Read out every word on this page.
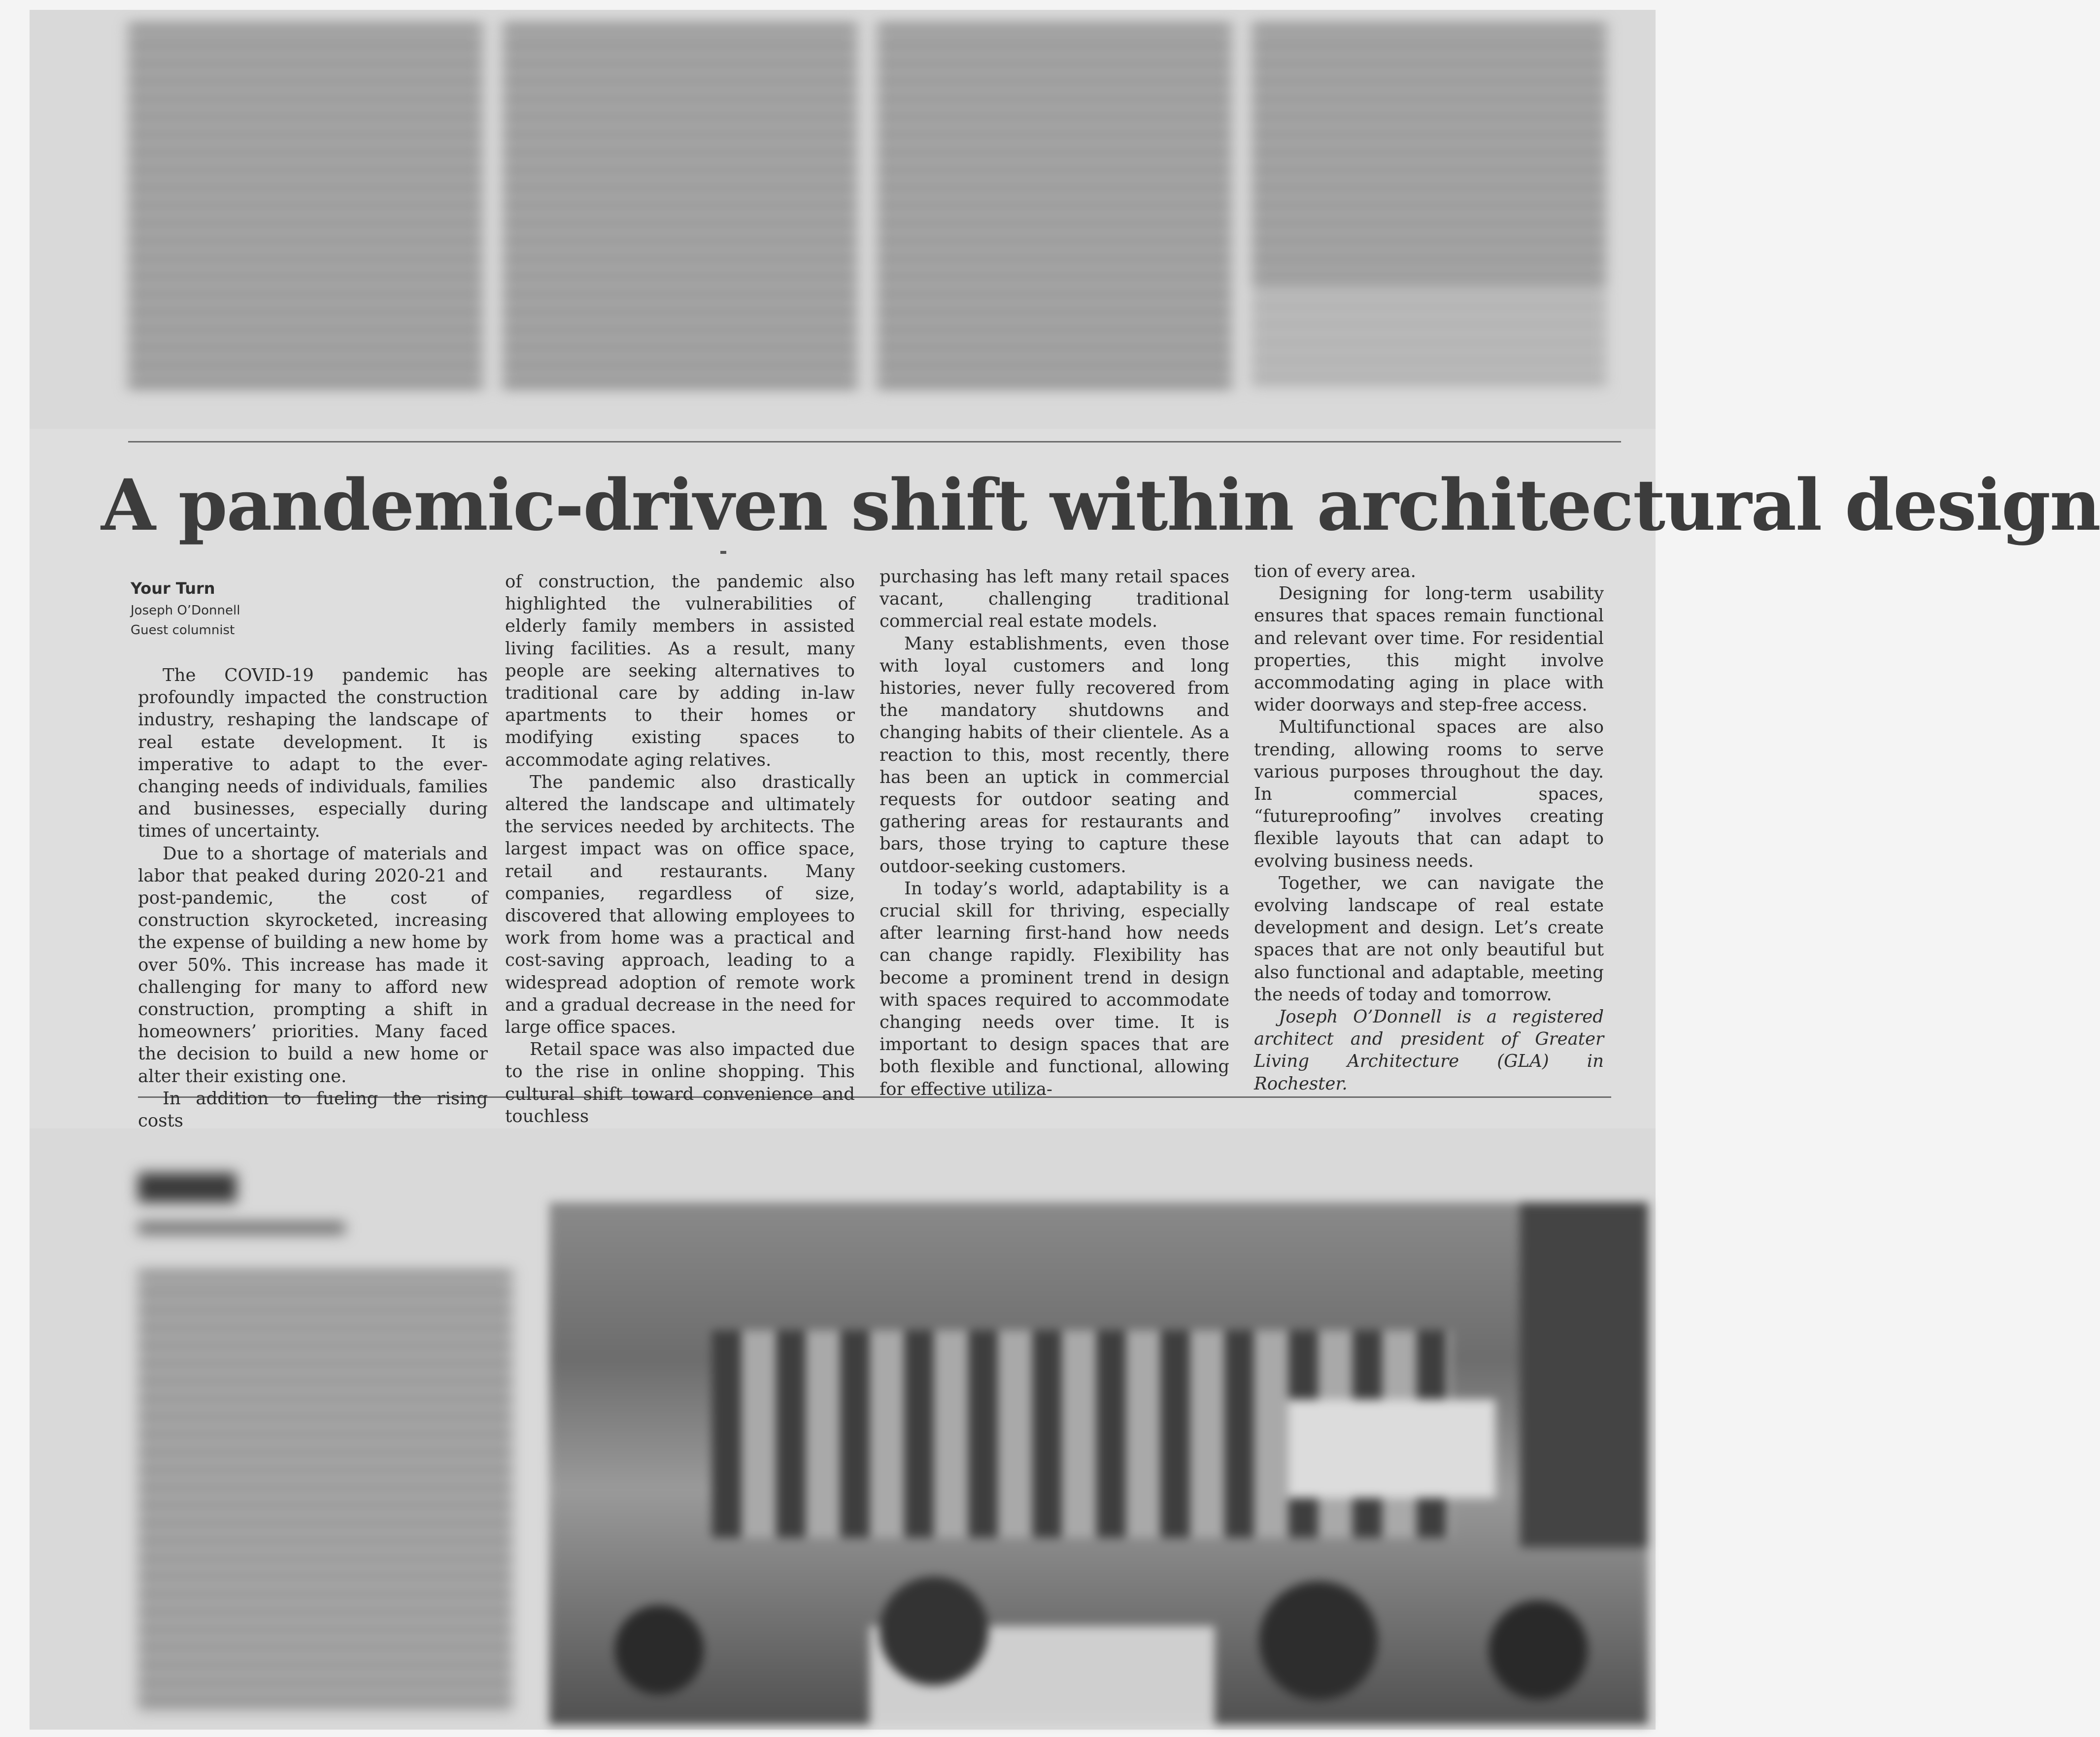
A pandemic-driven shift within architectural design
Your Turn
Joseph O’Donnell
Guest columnist

The COVID-19 pandemic has profoundly impacted the construction industry, reshaping the landscape of real estate development. It is imperative to adapt to the ever-changing needs of individuals, families and businesses, especially during times of uncertainty.

Due to a shortage of materials and labor that peaked during 2020-21 and post-pandemic, the cost of construction skyrocketed, increasing the expense of building a new home by over 50%. This increase has made it challenging for many to afford new construction, prompting a shift in homeowners’ priorities. Many faced the decision to build a new home or alter their existing one.

In addition to fueling the rising costs

of construction, the pandemic also highlighted the vulnerabilities of elderly family members in assisted living facilities. As a result, many people are seeking alternatives to traditional care by adding in-law apartments to their homes or modifying existing spaces to accommodate aging relatives.

The pandemic also drastically altered the landscape and ultimately the services needed by architects. The largest impact was on office space, retail and restaurants. Many companies, regardless of size, discovered that allowing employees to work from home was a practical and cost-saving approach, leading to a widespread adoption of remote work and a gradual decrease in the need for large office spaces.

Retail space was also impacted due to the rise in online shopping. This cultural shift toward convenience and touchless

purchasing has left many retail spaces vacant, challenging traditional commercial real estate models.

Many establishments, even those with loyal customers and long histories, never fully recovered from the mandatory shutdowns and changing habits of their clientele. As a reaction to this, most recently, there has been an uptick in commercial requests for outdoor seating and gathering areas for restaurants and bars, those trying to capture these outdoor-seeking customers.

In today’s world, adaptability is a crucial skill for thriving, especially after learning first-hand how needs can change rapidly. Flexibility has become a prominent trend in design with spaces required to accommodate changing needs over time. It is important to design spaces that are both flexible and functional, allowing for effective utiliza-

tion of every area.

Designing for long-term usability ensures that spaces remain functional and relevant over time. For residential properties, this might involve accommodating aging in place with wider doorways and step-free access.

Multifunctional spaces are also trending, allowing rooms to serve various purposes throughout the day. In commercial spaces, “futureproofing” involves creating flexible layouts that can adapt to evolving business needs.

Together, we can navigate the evolving landscape of real estate development and design. Let’s create spaces that are not only beautiful but also functional and adaptable, meeting the needs of today and tomorrow.

Joseph O’Donnell is a registered architect and president of Greater Living Architecture (GLA) in Rochester.
